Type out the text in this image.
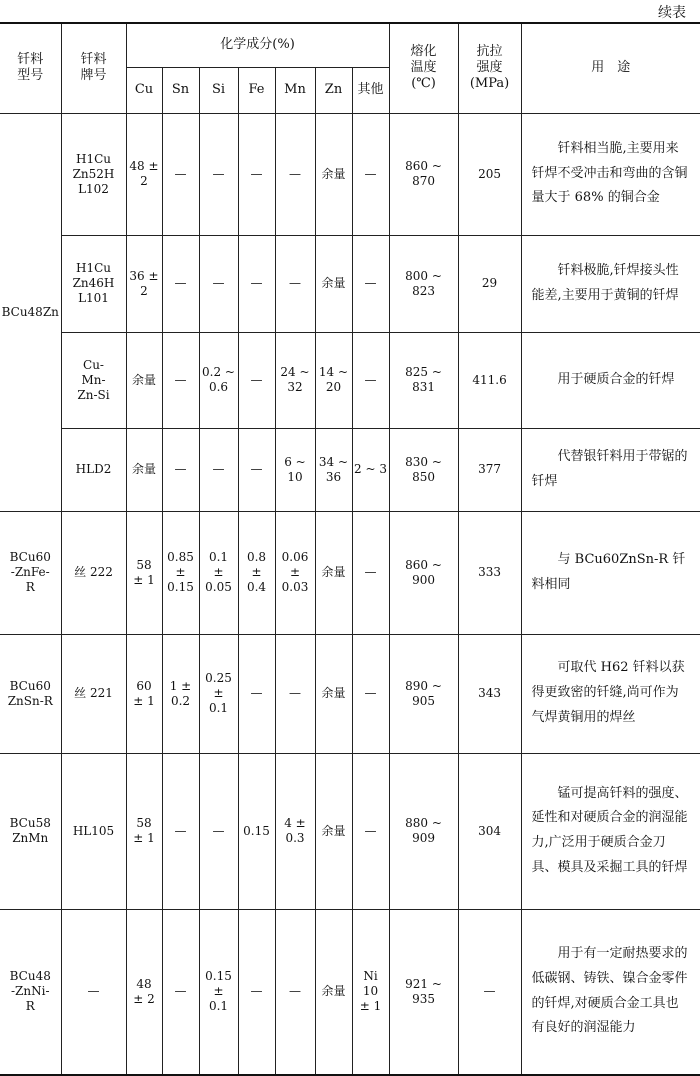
续表
钎料
型号	钎料
牌号	化学成分(%)							熔化
温度
(℃)	抗拉
强度
(MPa)	用　途
		Cu	Sn	Si	Fe	Mn	Zn	其他			

BCu48Zn	H1Cu
Zn52H
L102	48 ± 2	—	—	—	—	余量	—	860 ~
870	205	钎料相当脆,主要用来钎焊不受冲击和弯曲的含铜量大于 68% 的铜合金

	H1Cu
Zn46H
L101	36 ± 2	—	—	—	—	余量	—	800 ~
823	29	钎料极脆,钎焊接头性能差,主要用于黄铜的钎焊

	Cu-
Mn-
Zn-Si	余量	—	0.2 ~
0.6	—	24 ~
32	14 ~
20	—	825 ~
831	411.6	用于硬质合金的钎焊

	HLD2	余量	—	—	—	6 ~
10	34 ~
36	2 ~ 3	830 ~
850	377	代替银钎料用于带锯的钎焊

BCu60
-ZnFe-
R	丝 222	58
± 1	0.85
±
0.15	0.1
±
0.05	0.8
±
0.4	0.06
±
0.03	余量	—	860 ~
900	333	与 BCu60ZnSn-R 钎料相同

BCu60
ZnSn-R	丝 221	60
± 1	1 ±
0.2	0.25
±
0.1	—	—	余量	—	890 ~
905	343	可取代 H62 钎料以获得更致密的钎缝,尚可作为气焊黄铜用的焊丝

BCu58
ZnMn	HL105	58
± 1	—	—	0.15	4 ±
0.3	余量	—	880 ~
909	304	锰可提高钎料的强度、延性和对硬质合金的润湿能力,广泛用于硬质合金刀具、模具及采掘工具的钎焊

BCu48
-ZnNi-
R	—	48
± 2	—	0.15
±
0.1	—	—	余量	Ni
10
± 1	921 ~
935	—	用于有一定耐热要求的低碳钢、铸铁、镍合金零件的钎焊,对硬质合金工具也有良好的润湿能力
